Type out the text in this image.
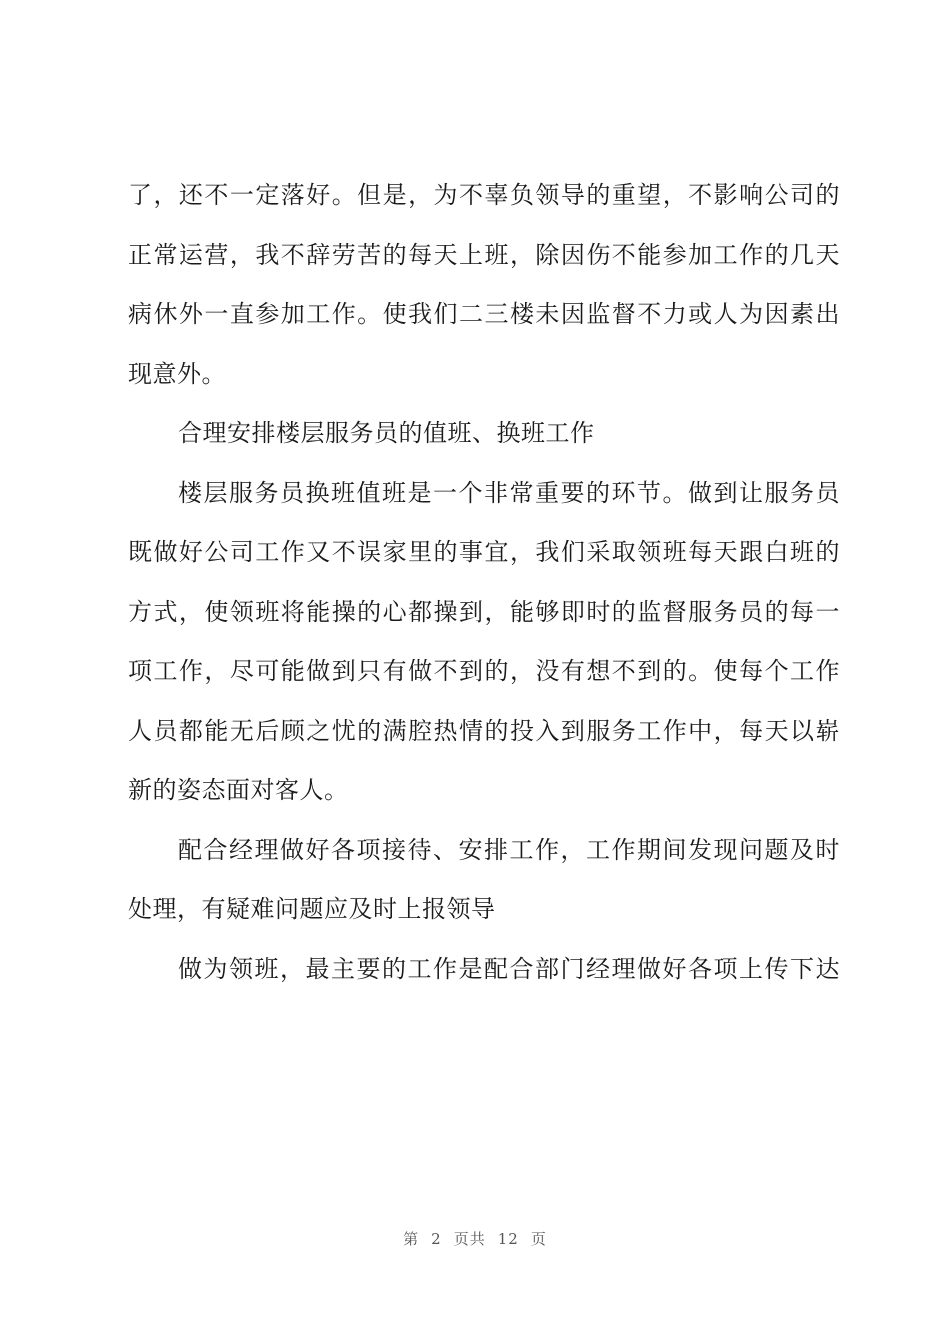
了，还不一定落好。但是，为不辜负领导的重望，不影响公司的
正常运营，我不辞劳苦的每天上班，除因伤不能参加工作的几天
病休外一直参加工作。使我们二三楼未因监督不力或人为因素出
现意外。
合理安排楼层服务员的值班、换班工作
楼层服务员换班值班是一个非常重要的环节。做到让服务员
既做好公司工作又不误家里的事宜，我们采取领班每天跟白班的
方式，使领班将能操的心都操到，能够即时的监督服务员的每一
项工作，尽可能做到只有做不到的，没有想不到的。使每个工作
人员都能无后顾之忧的满腔热情的投入到服务工作中，每天以崭
新的姿态面对客人。
配合经理做好各项接待、安排工作，工作期间发现问题及时
处理，有疑难问题应及时上报领导
做为领班，最主要的工作是配合部门经理做好各项上传下达
第 2 页共 12 页
